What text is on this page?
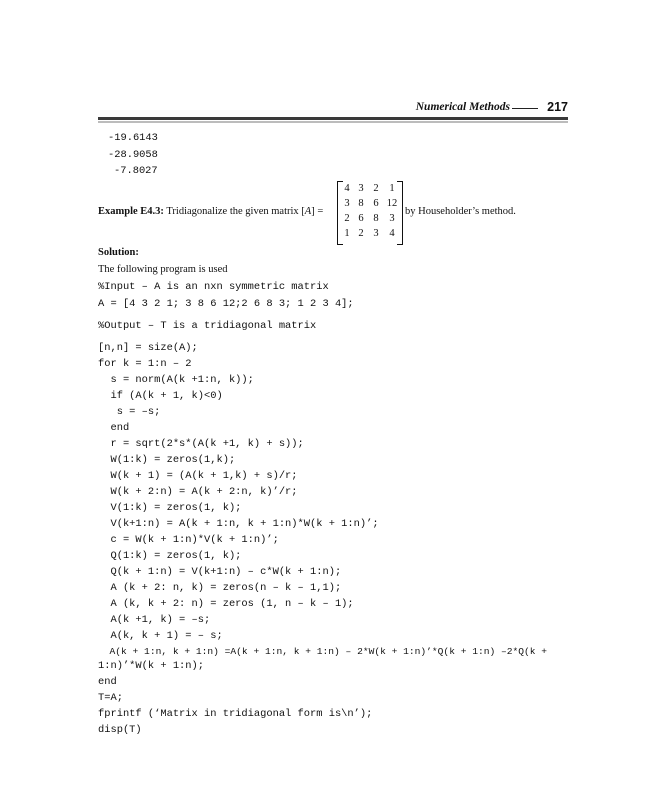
Numerical Methods	217
-19.6143
-28.9058
-7.8027
Example E4.3: Tridiagonalize the given matrix [A] =
4 3 2	1
3 8 6 12
2 6 8	3
1 2 3	4
by Householder’s method.
Solution:
The following program is used
%Input – A is an nxn symmetric matrix
A = [4 3 2 1; 3 8 6 12;2 6 8 3; 1 2 3 4];
%Output – T is a tridiagonal matrix
[n,n] = size(A);
for k = 1:n – 2
s = norm(A(k +1:n, k));
if (A(k + 1, k)<0)
s = –s;
end
r = sqrt(2*s*(A(k +1, k) + s));
W(1:k) = zeros(1,k);
W(k + 1) = (A(k + 1,k) + s)/r;
W(k + 2:n) = A(k + 2:n, k)’/r;
V(1:k) = zeros(1, k);
V(k+1:n) = A(k + 1:n, k + 1:n)*W(k + 1:n)’;
c = W(k + 1:n)*V(k + 1:n)’;
Q(1:k) = zeros(1, k);
Q(k + 1:n) = V(k+1:n) – c*W(k + 1:n);
A (k + 2: n, k) = zeros(n – k – 1,1);
A (k, k + 2: n) = zeros (1, n – k – 1);
A(k +1, k) = –s;
A(k, k + 1) = – s;
A(k + 1:n, k + 1:n) =A(k + 1:n, k + 1:n) – 2*W(k + 1:n)’*Q(k + 1:n) –2*Q(k +
1:n)’*W(k + 1:n);
end
T=A;
fprintf (‘Matrix in tridiagonal form is\n’);
disp(T)
